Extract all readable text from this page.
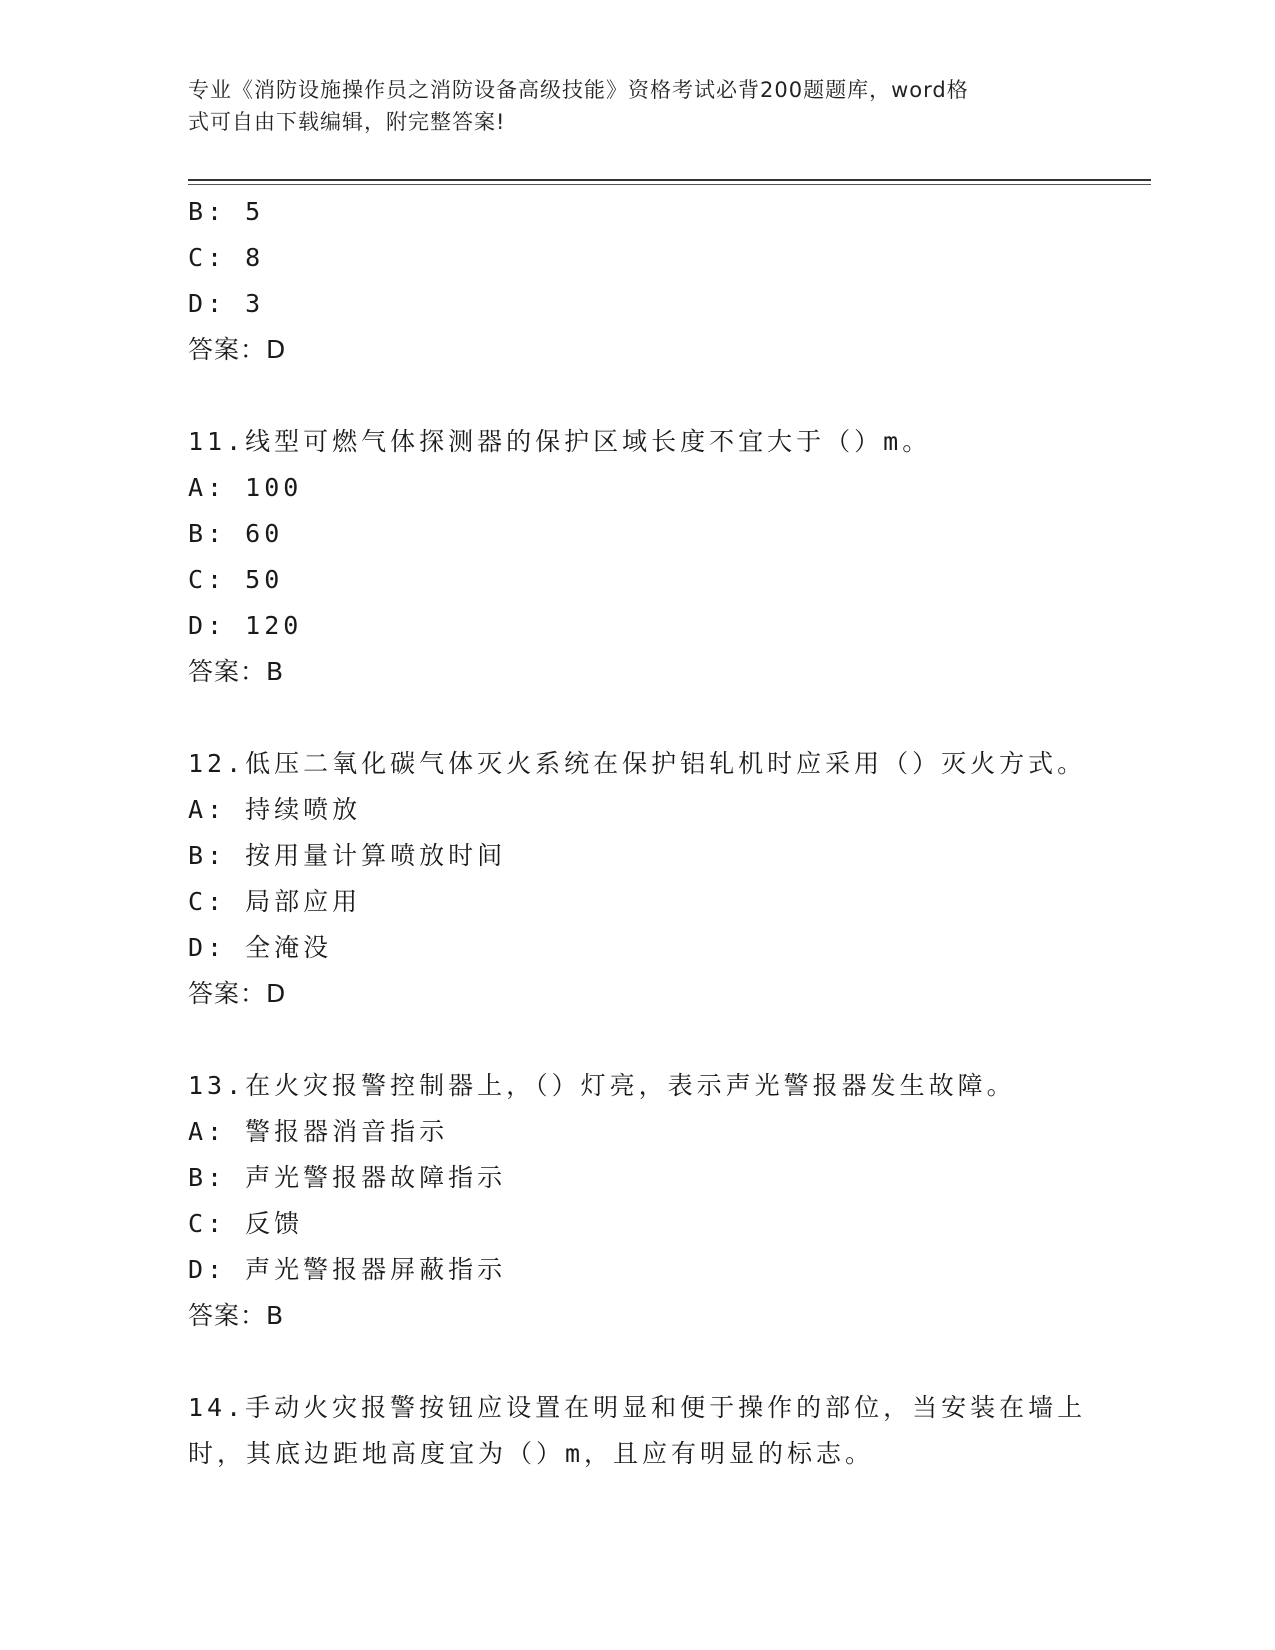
专业《消防设施操作员之消防设备高级技能》资格考试必背200题题库，word格
式可自由下载编辑，附完整答案!
B: 5
C: 8
D: 3
答案：D
11.线型可燃气体探测器的保护区域长度不宜大于（）m。
A: 100
B: 60
C: 50
D: 120
答案：B
12.低压二氧化碳气体灭火系统在保护铝轧机时应采用（）灭火方式。
A: 持续喷放
B: 按用量计算喷放时间
C: 局部应用
D: 全淹没
答案：D
13.在火灾报警控制器上，（）灯亮，表示声光警报器发生故障。
A: 警报器消音指示
B: 声光警报器故障指示
C: 反馈
D: 声光警报器屏蔽指示
答案：B
14.手动火灾报警按钮应设置在明显和便于操作的部位，当安装在墙上
时，其底边距地高度宜为（）m，且应有明显的标志。
